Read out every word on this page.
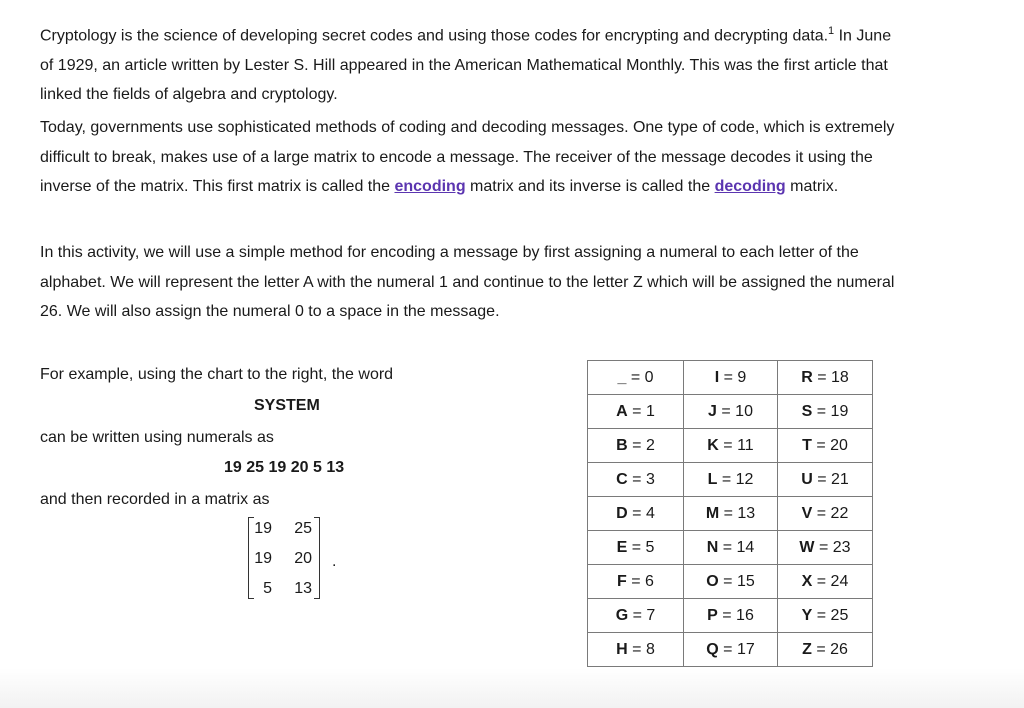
Cryptology is the science of developing secret codes and using those codes for encrypting and decrypting data.$^1$ In June of 1929, an article written by Lester S. Hill appeared in the American Mathematical Monthly. This was the first article that linked the fields of algebra and cryptology.

Today, governments use sophisticated methods of coding and decoding messages. One type of code, which is extremely difficult to break, makes use of a large matrix to encode a message. The receiver of the message decodes it using the inverse of the matrix. This first matrix is called the encoding matrix and its inverse is called the decoding matrix.

In this activity, we will use a simple method for encoding a message by first assigning a numeral to each letter of the alphabet. We will represent the letter A with the numeral 1 and continue to the letter Z which will be assigned the numeral 26. We will also assign the numeral 0 to a space in the message.

For example, using the chart to the right, the word
SYSTEM
can be written using numerals as
19 25 19 20 5 13
and then recorded in a matrix as
19 25
19 20
5 13
.
_ = 0	I = 9	R = 18
A = 1	J = 10	S = 19
B = 2	K = 11	T = 20
C = 3	L = 12	U = 21
D = 4	M = 13	V = 22
E = 5	N = 14	W = 23
F = 6	O = 15	X = 24
G = 7	P = 16	Y = 25
H = 8	Q = 17	Z = 26
